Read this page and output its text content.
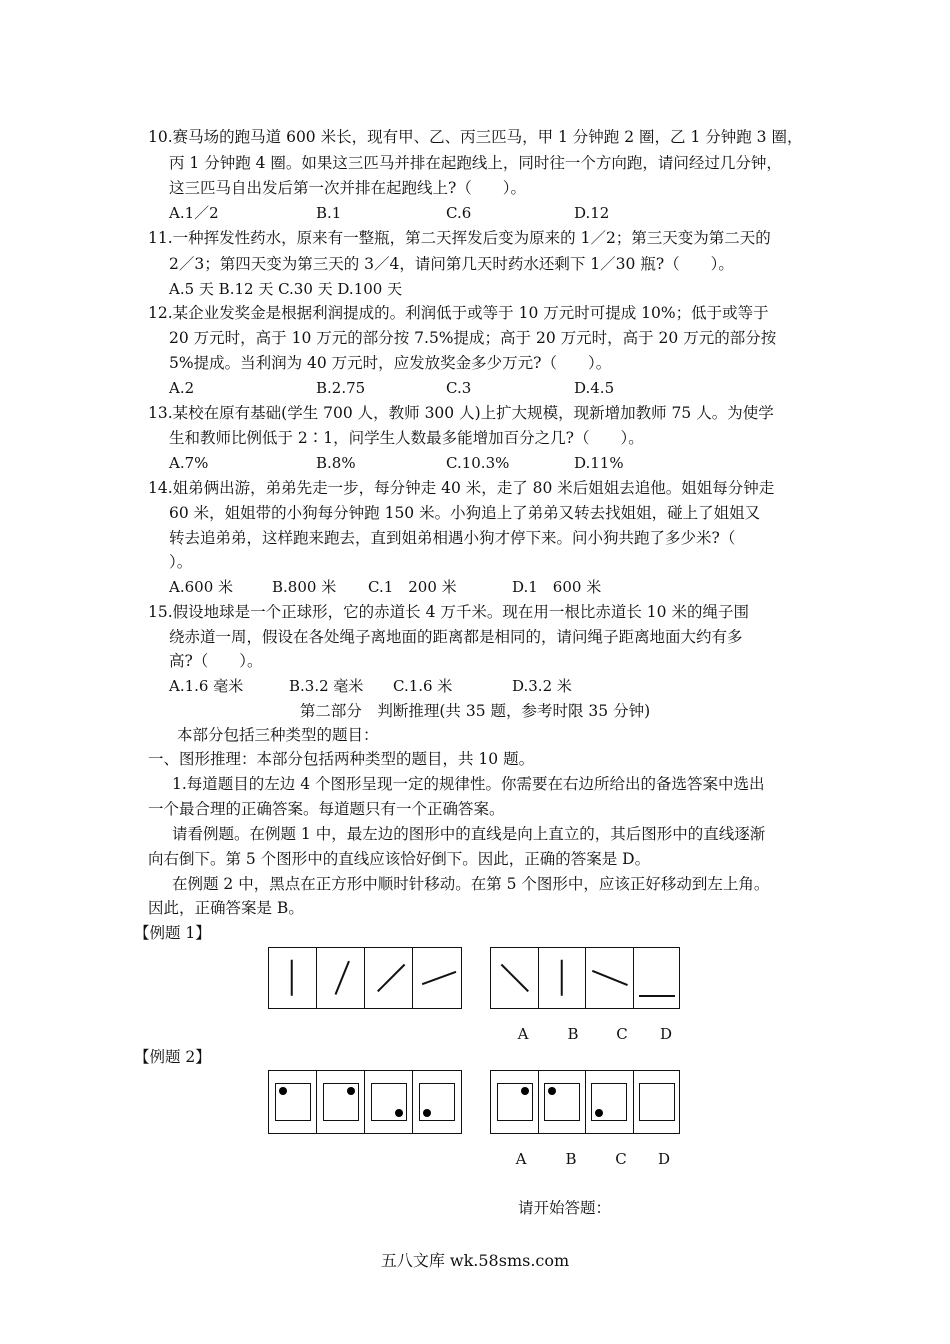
10.赛马场的跑马道 600 米长，现有甲、乙、丙三匹马，甲 1 分钟跑 2 圈，乙 1 分钟跑 3 圈，
丙 1 分钟跑 4 圈。如果这三匹马并排在起跑线上，同时往一个方向跑，请问经过几分钟，
这三匹马自出发后第一次并排在起跑线上?（　　）。
A.1／2	B.1	C.6	D.12
11.一种挥发性药水，原来有一整瓶，第二天挥发后变为原来的 1／2；第三天变为第二天的
2／3；第四天变为第三天的 3／4，请问第几天时药水还剩下 1／30 瓶?（　　）。
A.5 天 B.12 天 C.30 天 D.100 天
12.某企业发奖金是根据利润提成的。利润低于或等于 10 万元时可提成 10%；低于或等于
20 万元时，高于 10 万元的部分按 7.5%提成；高于 20 万元时，高于 20 万元的部分按
5%提成。当利润为 40 万元时，应发放奖金多少万元?（　　）。
A.2	B.2.75	C.3	D.4.5
13.某校在原有基础(学生 700 人，教师 300 人)上扩大规模，现新增加教师 75 人。为使学
生和教师比例低于 2∶1，问学生人数最多能增加百分之几?（　　）。
A.7%	B.8%	C.10.3%	D.11%
14.姐弟俩出游，弟弟先走一步，每分钟走 40 米，走了 80 米后姐姐去追他。姐姐每分钟走
60 米，姐姐带的小狗每分钟跑 150 米。小狗追上了弟弟又转去找姐姐，碰上了姐姐又
转去追弟弟，这样跑来跑去，直到姐弟相遇小狗才停下来。问小狗共跑了多少米?（
）。
A.600 米	B.800 米 C.1　200 米	D.1　600 米
15.假设地球是一个正球形，它的赤道长 4 万千米。现在用一根比赤道长 10 米的绳子围
绕赤道一周，假设在各处绳子离地面的距离都是相同的，请问绳子距离地面大约有多
高?（　　）。
A.1.6 毫米	B.3.2 毫米 C.1.6 米	D.3.2 米
第二部分　判断推理(共 35 题，参考时限 35 分钟)
本部分包括三种类型的题目：
一、图形推理：本部分包括两种类型的题目，共 10 题。
1.每道题目的左边 4 个图形呈现一定的规律性。你需要在右边所给出的备选答案中选出
一个最合理的正确答案。每道题只有一个正确答案。
请看例题。在例题 1 中，最左边的图形中的直线是向上直立的，其后图形中的直线逐渐
向右倒下。第 5 个图形中的直线应该恰好倒下。因此，正确的答案是 D。
在例题 2 中，黑点在正方形中顺时针移动。在第 5 个图形中，应该正好移动到左上角。
因此，正确答案是 B。
【例题 1】
A	B	C D
【例题 2】
A	B	C D
请开始答题：
五八文库 wk.58sms.com
